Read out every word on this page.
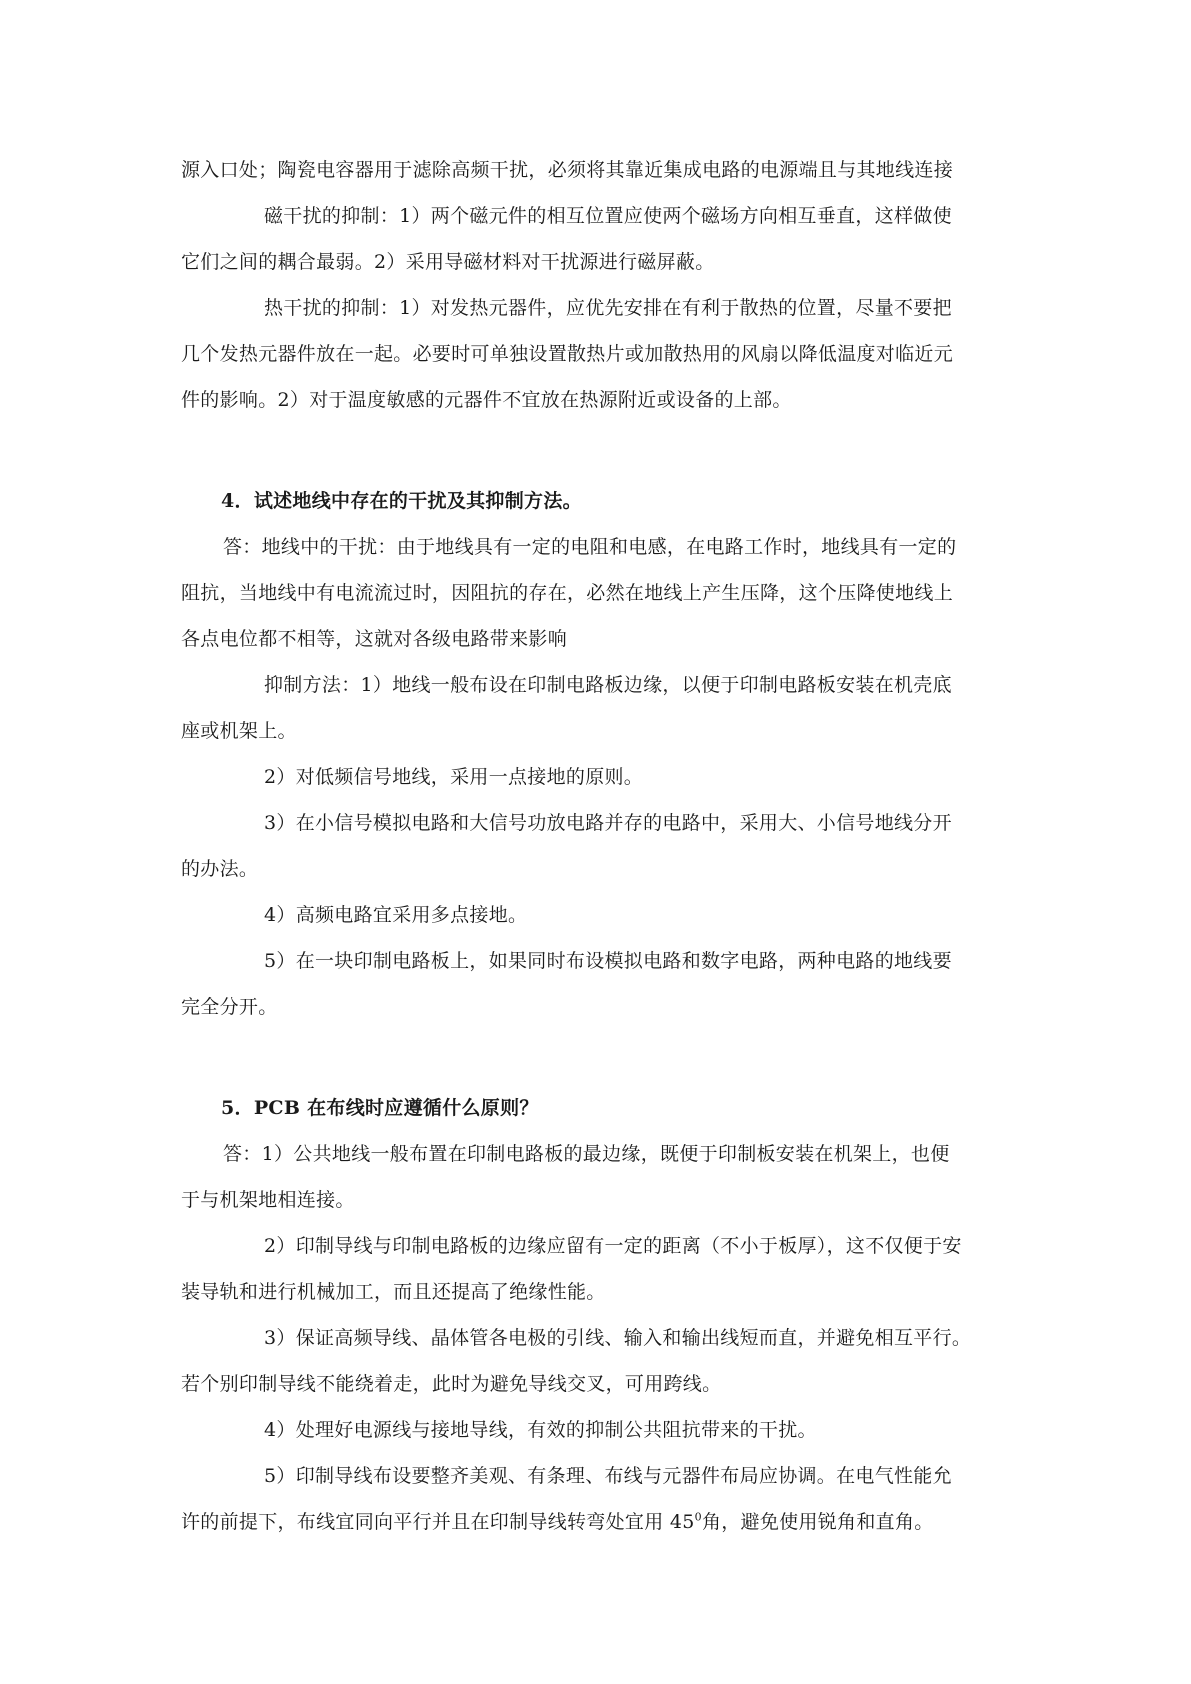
源入口处；陶瓷电容器用于滤除高频干扰，必须将其靠近集成电路的电源端且与其地线连接
磁干扰的抑制：1）两个磁元件的相互位置应使两个磁场方向相互垂直，这样做使
它们之间的耦合最弱。2）采用导磁材料对干扰源进行磁屏蔽。
热干扰的抑制：1）对发热元器件，应优先安排在有利于散热的位置，尽量不要把
几个发热元器件放在一起。必要时可单独设置散热片或加散热用的风扇以降低温度对临近元
件的影响。2）对于温度敏感的元器件不宜放在热源附近或设备的上部。
4．试述地线中存在的干扰及其抑制方法。
答：地线中的干扰：由于地线具有一定的电阻和电感，在电路工作时，地线具有一定的
阻抗，当地线中有电流流过时，因阻抗的存在，必然在地线上产生压降，这个压降使地线上
各点电位都不相等，这就对各级电路带来影响
抑制方法：1）地线一般布设在印制电路板边缘，以便于印制电路板安装在机壳底
座或机架上。
2）对低频信号地线，采用一点接地的原则。
3）在小信号模拟电路和大信号功放电路并存的电路中，采用大、小信号地线分开
的办法。
4）高频电路宜采用多点接地。
5）在一块印制电路板上，如果同时布设模拟电路和数字电路，两种电路的地线要
完全分开。
5．PCB 在布线时应遵循什么原则？
答：1）公共地线一般布置在印制电路板的最边缘，既便于印制板安装在机架上，也便
于与机架地相连接。
2）印制导线与印制电路板的边缘应留有一定的距离（不小于板厚），这不仅便于安
装导轨和进行机械加工，而且还提高了绝缘性能。
3）保证高频导线、晶体管各电极的引线、输入和输出线短而直，并避免相互平行。
若个别印制导线不能绕着走，此时为避免导线交叉，可用跨线。
4）处理好电源线与接地导线，有效的抑制公共阻抗带来的干扰。
5）印制导线布设要整齐美观、有条理、布线与元器件布局应协调。在电气性能允
许的前提下，布线宜同向平行并且在印制导线转弯处宜用 $45^0$角，避免使用锐角和直角。
